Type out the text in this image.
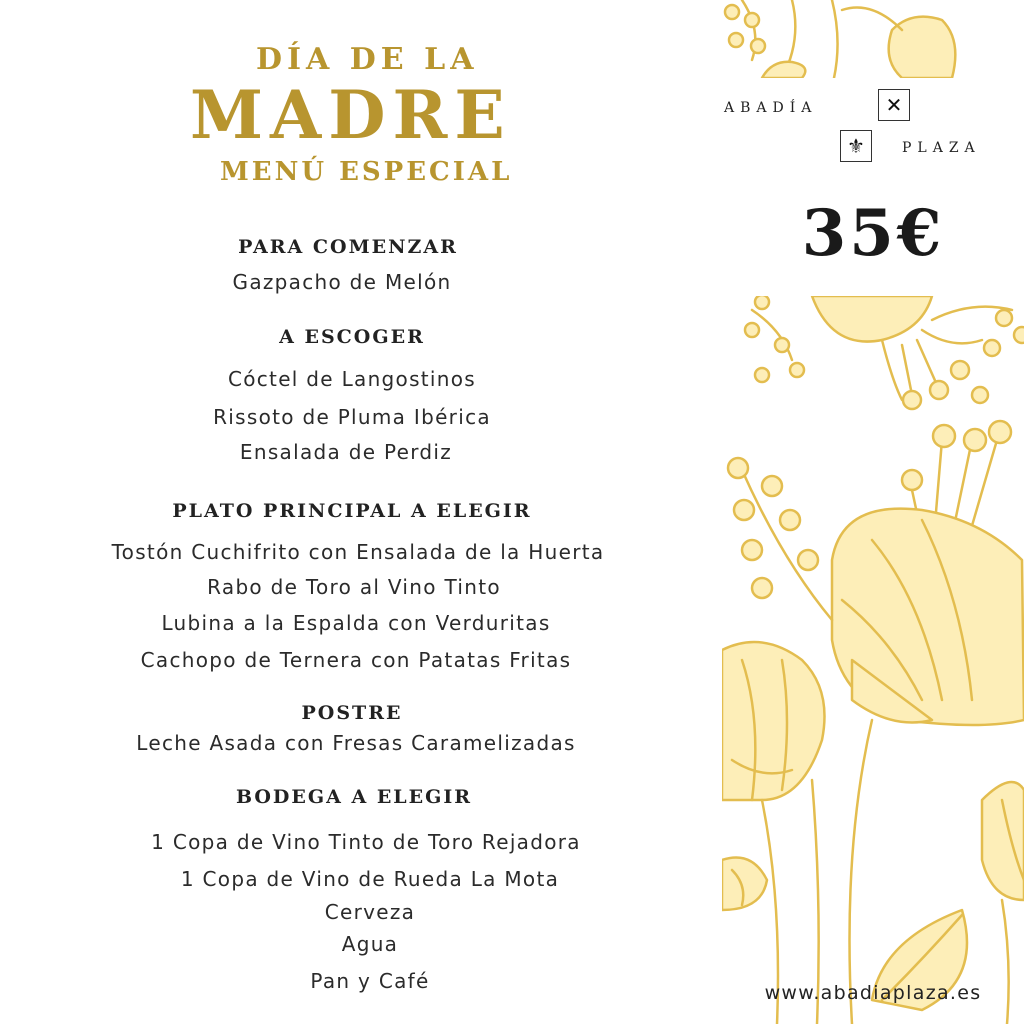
DÍA DE LA
MADRE
MENÚ ESPECIAL
PARA COMENZAR
Gazpacho de Melón
A ESCOGER
Cóctel de Langostinos
Rissoto de Pluma Ibérica
Ensalada de Perdiz
PLATO PRINCIPAL A ELEGIR
Tostón Cuchifrito con Ensalada de la Huerta
Rabo de Toro al Vino Tinto
Lubina a la Espalda con Verduritas
Cachopo de Ternera con Patatas Fritas
POSTRE
Leche Asada con Fresas Caramelizadas
BODEGA A ELEGIR
1 Copa de Vino Tinto de Toro Rejadora
1 Copa de Vino de Rueda La Mota
Cerveza
Agua
Pan y Café
ABADÍA	✕
⚜	PLAZA
35€
www.abadiaplaza.es
